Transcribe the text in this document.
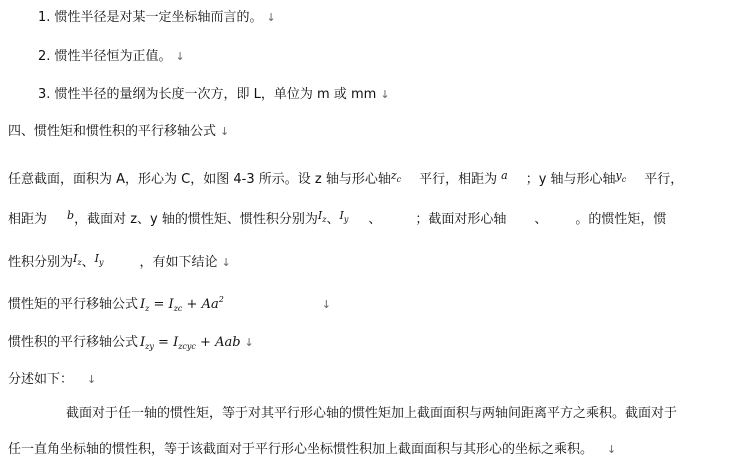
1. 惯性半径是对某一定坐标轴而言的。 ↓
2. 惯性半径恒为正值。 ↓
3. 惯性半径的量纲为长度一次方，即 L，单位为 m 或 mm ↓
四、惯性矩和惯性积的平行移轴公式 ↓
任意截面，面积为 A，形心为 C，如图 4-3 所示。设 z 轴与形心轴$^{z_c}$ 平行，相距为 $^a$ ；y 轴与形心轴$^{y_c}$ 平行，
相距为 $^b$，截面对 z、y 轴的惯性矩、惯性积分别为$^{I_z}$、$^{I_y}$ 、	；截面对形心轴 、 。的惯性矩，惯
性积分别为$^{I_z}$、$^{I_y}$	，有如下结论 ↓
惯性矩的平行移轴公式 $I_z = I_{zc} + Aa^2$	↓
惯性积的平行移轴公式 $I_{zy} = I_{zcyc}$ + Aab ↓
分述如下： ↓
截面对于任一轴的惯性矩，等于对其平行形心轴的惯性矩加上截面面积与两轴间距离平方之乘积。截面对于
任一直角坐标轴的惯性积，等于该截面对于平行形心坐标惯性积加上截面面积与其形心的坐标之乘积。 ↓
